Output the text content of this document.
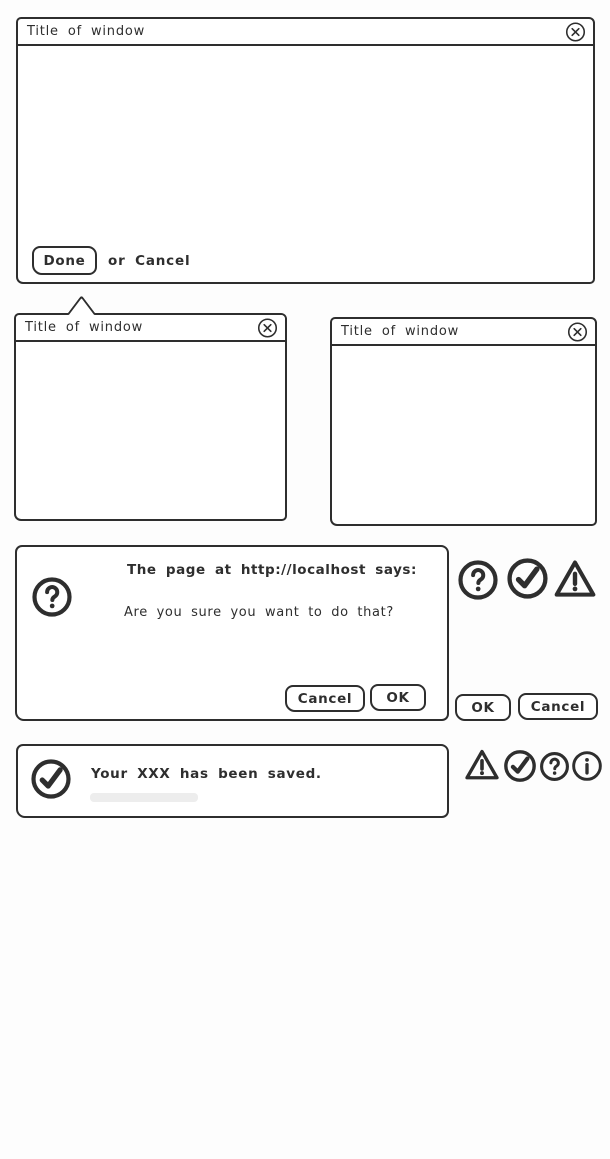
Title of window
Done	or Cancel
Title of window	Title of window
The page at http://localhost says:
Are you sure you want to do that?
Cancel	OK
OK	Cancel
Your XXX has been saved.
